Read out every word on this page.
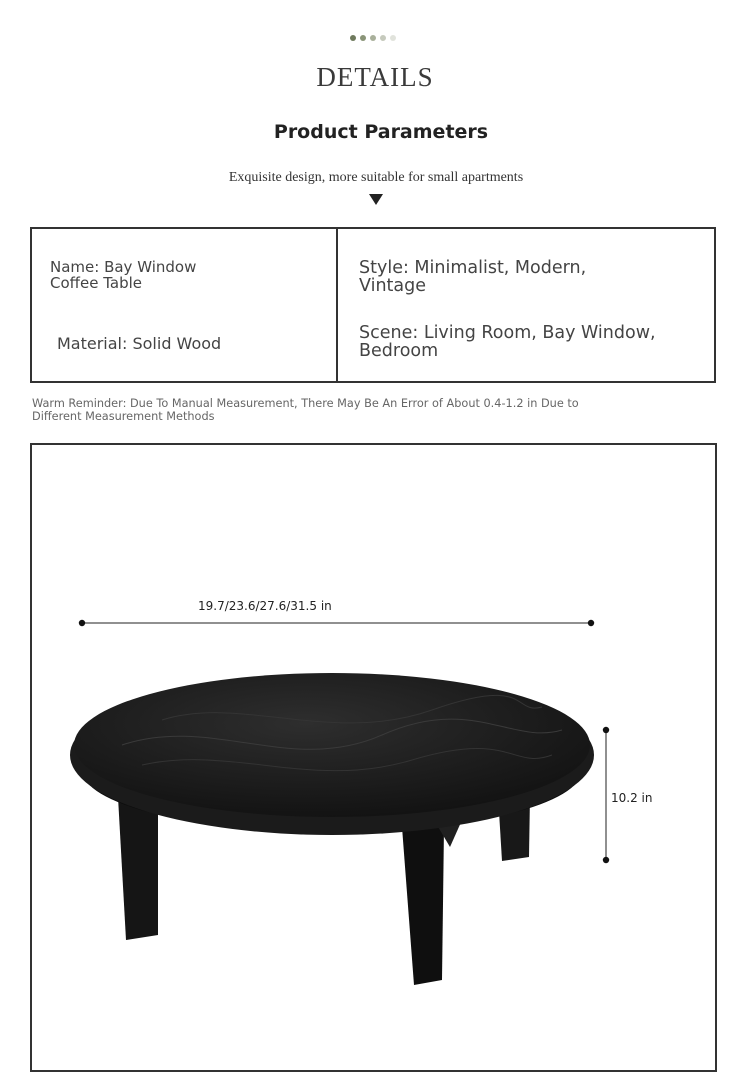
DETAILS
Product Parameters
Exquisite design, more suitable for small apartments
Name: Bay Window
Coffee Table
Material: Solid Wood
Style: Minimalist, Modern,
Vintage
Scene: Living Room, Bay Window,
Bedroom
Warm Reminder: Due To Manual Measurement, There May Be An Error of About 0.4-1.2 in Due to Different Measurement Methods
19.7/23.6/27.6/31.5 in
10.2 in
